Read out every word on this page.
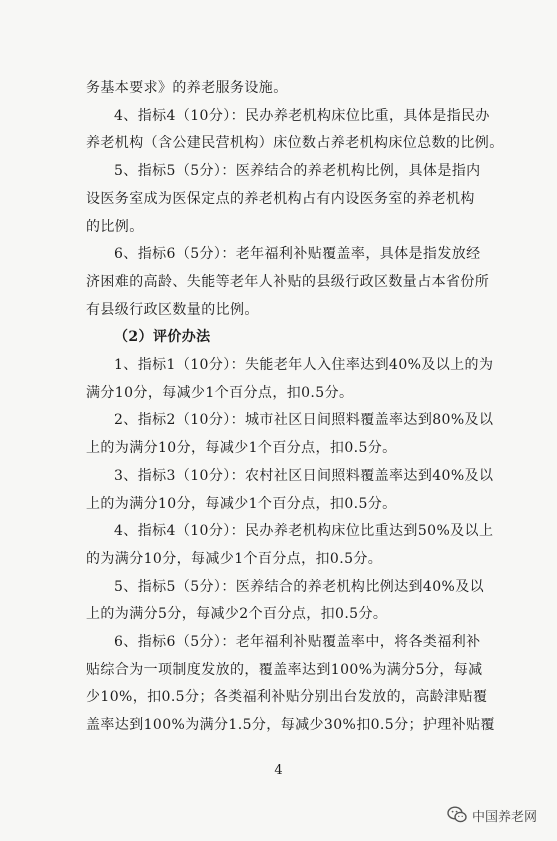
务基本要求》的养老服务设施。

4、指标4（10分）：民办养老机构床位比重，具体是指民办
养老机构（含公建民营机构）床位数占养老机构床位总数的比例。

5、指标5（5分）：医养结合的养老机构比例，具体是指内
设医务室成为医保定点的养老机构占有内设医务室的养老机构
的比例。

6、指标6（5分）：老年福利补贴覆盖率，具体是指发放经
济困难的高龄、失能等老年人补贴的县级行政区数量占本省份所
有县级行政区数量的比例。

（2）评价办法

1、指标1（10分）：失能老年人入住率达到40%及以上的为
满分10分，每减少1个百分点，扣0.5分。

2、指标2（10分）：城市社区日间照料覆盖率达到80%及以
上的为满分10分，每减少1个百分点，扣0.5分。

3、指标3（10分）：农村社区日间照料覆盖率达到40%及以
上的为满分10分，每减少1个百分点，扣0.5分。

4、指标4（10分）：民办养老机构床位比重达到50%及以上
的为满分10分，每减少1个百分点，扣0.5分。

5、指标5（5分）：医养结合的养老机构比例达到40%及以
上的为满分5分，每减少2个百分点，扣0.5分。

6、指标6（5分）：老年福利补贴覆盖率中，将各类福利补
贴综合为一项制度发放的，覆盖率达到100%为满分5分，每减
少10%，扣0.5分；各类福利补贴分别出台发放的，高龄津贴覆
盖率达到100%为满分1.5分，每减少30%扣0.5分；护理补贴覆

4
中国养老网
